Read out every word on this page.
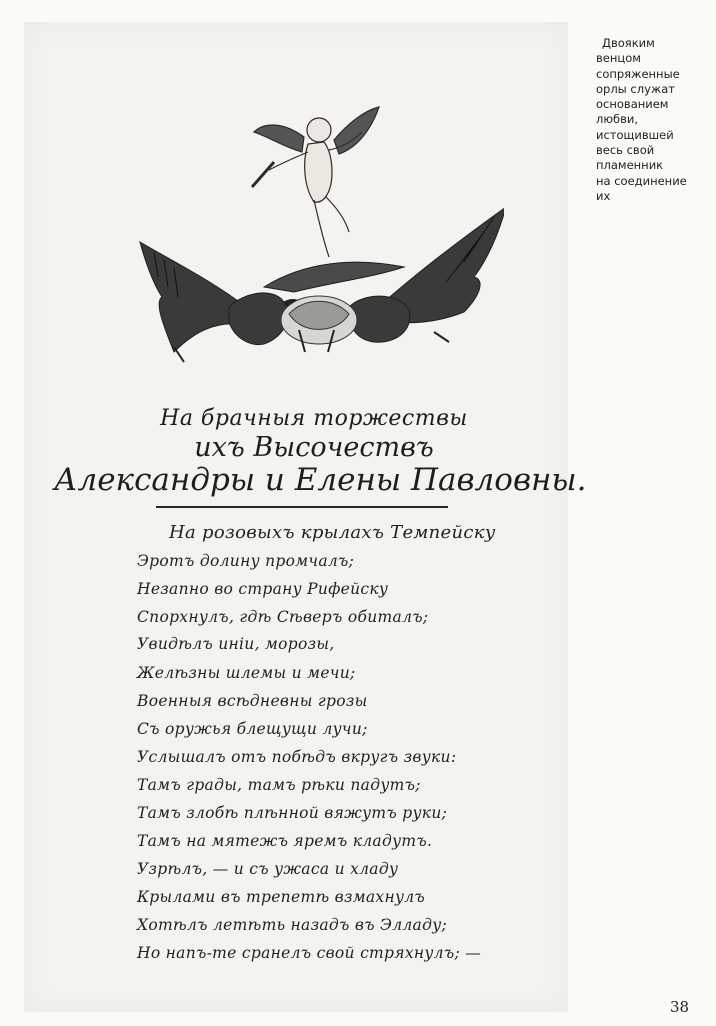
На брачныя торжествы
ихъ Высочествъ
Александры и Елены Павловны.
На розовыхъ крылахъ Темпейску
Эротъ долину промчалъ;
Незапно во страну Рифейску
Спорхнулъ, гдѣ Сѣверъ обиталъ;
Увидѣлъ иніи, морозы,
Желѣзны шлемы и мечи;
Военныя всѣдневны грозы
Съ оружья блещущи лучи;
Услышалъ отъ побѣдъ вкругъ звуки:
Тамъ грады, тамъ рѣки падутъ;
Тамъ злобѣ плѣнной вяжутъ руки;
Тамъ на мятежъ яремъ кладутъ.
Узрѣлъ, — и съ ужаса и хладу
Крылами въ трепетѣ взмахнулъ
Хотѣлъ летѣть назадъ въ Элладу;
Но напъ-те сранелъ свой стряхнулъ; —
Двояким
венцом
сопряженные
орлы служат
основанием
любви,
истощившей
весь свой
пламенник
на соединение
их
38
